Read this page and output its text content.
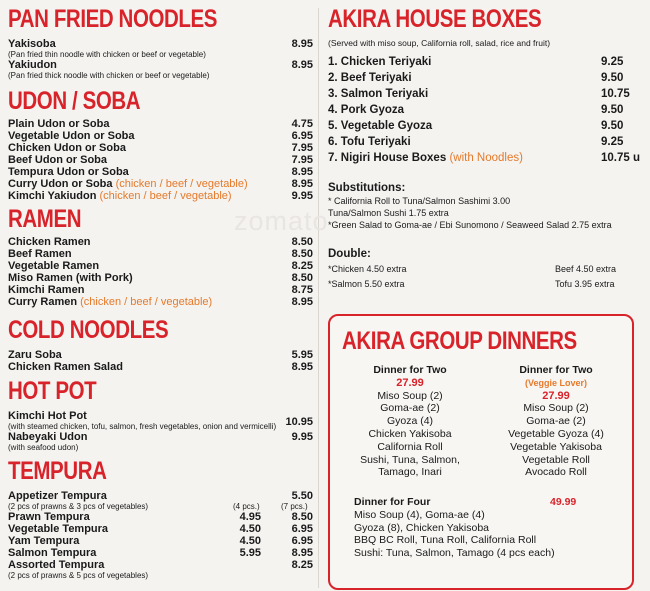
zomato
PAN FRIED NOODLES
Yakisoba	8.95
(Pan fried thin noodle with chicken or beef or vegetable)
Yakiudon	8.95
(Pan fried thick noodle with chicken or beef or vegetable)
UDON / SOBA
Plain Udon or Soba	4.75
Vegetable Udon or Soba	6.95
Chicken Udon or Soba	7.95
Beef Udon or Soba	7.95
Tempura Udon or Soba	8.95
Curry Udon or Soba (chicken / beef / vegetable)	8.95
Kimchi Yakiudon (chicken / beef / vegetable)	9.95
RAMEN
Chicken Ramen	8.50
Beef Ramen	8.50
Vegetable Ramen	8.25
Miso Ramen (with Pork)	8.50
Kimchi Ramen	8.75
Curry Ramen (chicken / beef / vegetable)	8.95
COLD NOODLES
Zaru Soba	5.95
Chicken Ramen Salad	8.95
HOT POT
Kimchi Hot Pot	10.95
(with steamed chicken, tofu, salmon, fresh vegetables, onion and vermicelli)
Nabeyaki Udon	9.95
(with seafood udon)
TEMPURA
Appetizer Tempura	5.50
(2 pcs of prawns & 3 pcs of vegetables)	(4 pcs.)	(7 pcs.)
Prawn Tempura	4.95	8.50
Vegetable Tempura	4.50	6.95
Yam Tempura	4.50	6.95
Salmon Tempura	5.95	8.95
Assorted Tempura	8.25
(2 pcs of prawns & 5 pcs of vegetables)
AKIRA HOUSE BOXES
(Served with miso soup, California roll, salad, rice and fruit)
1. Chicken Teriyaki	9.25
2. Beef Teriyaki	9.50
3. Salmon Teriyaki	10.75
4. Pork Gyoza	9.50
5. Vegetable Gyoza	9.50
6. Tofu Teriyaki	9.25
7. Nigiri House Boxes (with Noodles)	10.75 u
Substitutions:
* California Roll to Tuna/Salmon Sashimi 3.00
Tuna/Salmon Sushi 1.75 extra
*Green Salad to Goma-ae / Ebi Sunomono / Seaweed Salad 2.75 extra
Double:
*Chicken 4.50 extra	Beef 4.50 extra
*Salmon 5.50 extra	Tofu 3.95 extra
AKIRA GROUP DINNERS
Dinner for Two
27.99
Miso Soup (2)
Goma-ae (2)
Gyoza (4)
Chicken Yakisoba
California Roll
Sushi, Tuna, Salmon,
Tamago, Inari
Dinner for Two
(Veggie Lover)
27.99
Miso Soup (2)
Goma-ae (2)
Vegetable Gyoza (4)
Vegetable Yakisoba
Vegetable Roll
Avocado Roll
Dinner for Four	49.99
Miso Soup (4), Goma-ae (4)
Gyoza (8), Chicken Yakisoba
BBQ BC Roll, Tuna Roll, California Roll
Sushi: Tuna, Salmon, Tamago (4 pcs each)
